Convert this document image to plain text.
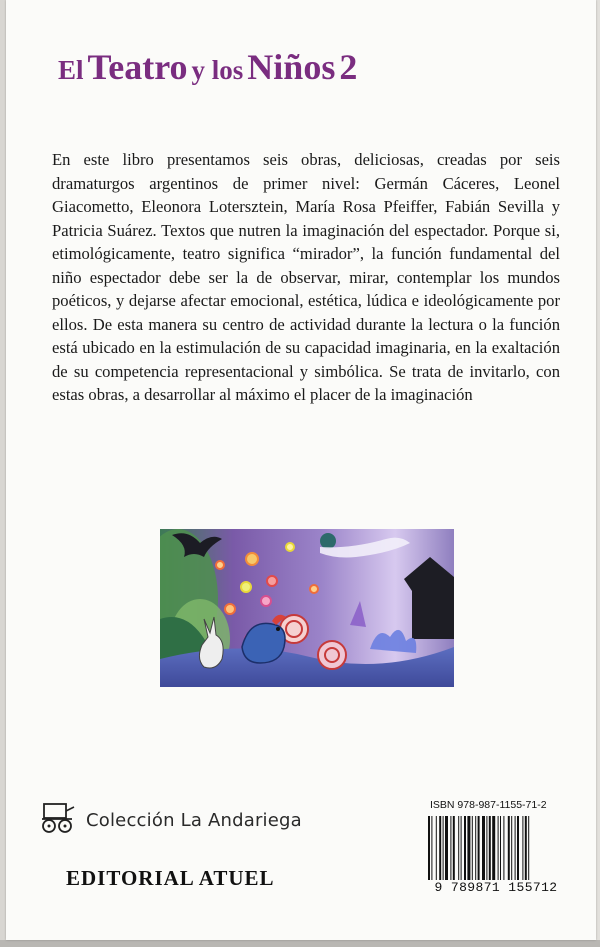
El Teatro y los Niños 2
En este libro presentamos seis obras, deliciosas, creadas por seis dramaturgos argentinos de primer nivel: Germán Cáceres, Leonel Giacometto, Eleonora Lotersztein, María Rosa Pfeiffer, Fabián Sevilla y Patricia Suárez. Textos que nutren la imaginación del espectador. Porque si, etimológicamente, teatro significa “mirador”, la función fundamental del niño espectador debe ser la de observar, mirar, contemplar los mundos poéticos, y dejarse afectar emocional, estética, lúdica e ideológicamente por ellos. De esta manera su centro de actividad durante la lectura o la función está ubicado en la estimulación de su capacidad imaginaria, en la exaltación de su competencia representacional y simbólica. Se trata de invitarlo, con estas obras, a desarrollar al máximo el placer de la imaginación
Colección La Andariega
EDITORIAL ATUEL
ISBN 978-987-1155-71-2
9 789871 155712
